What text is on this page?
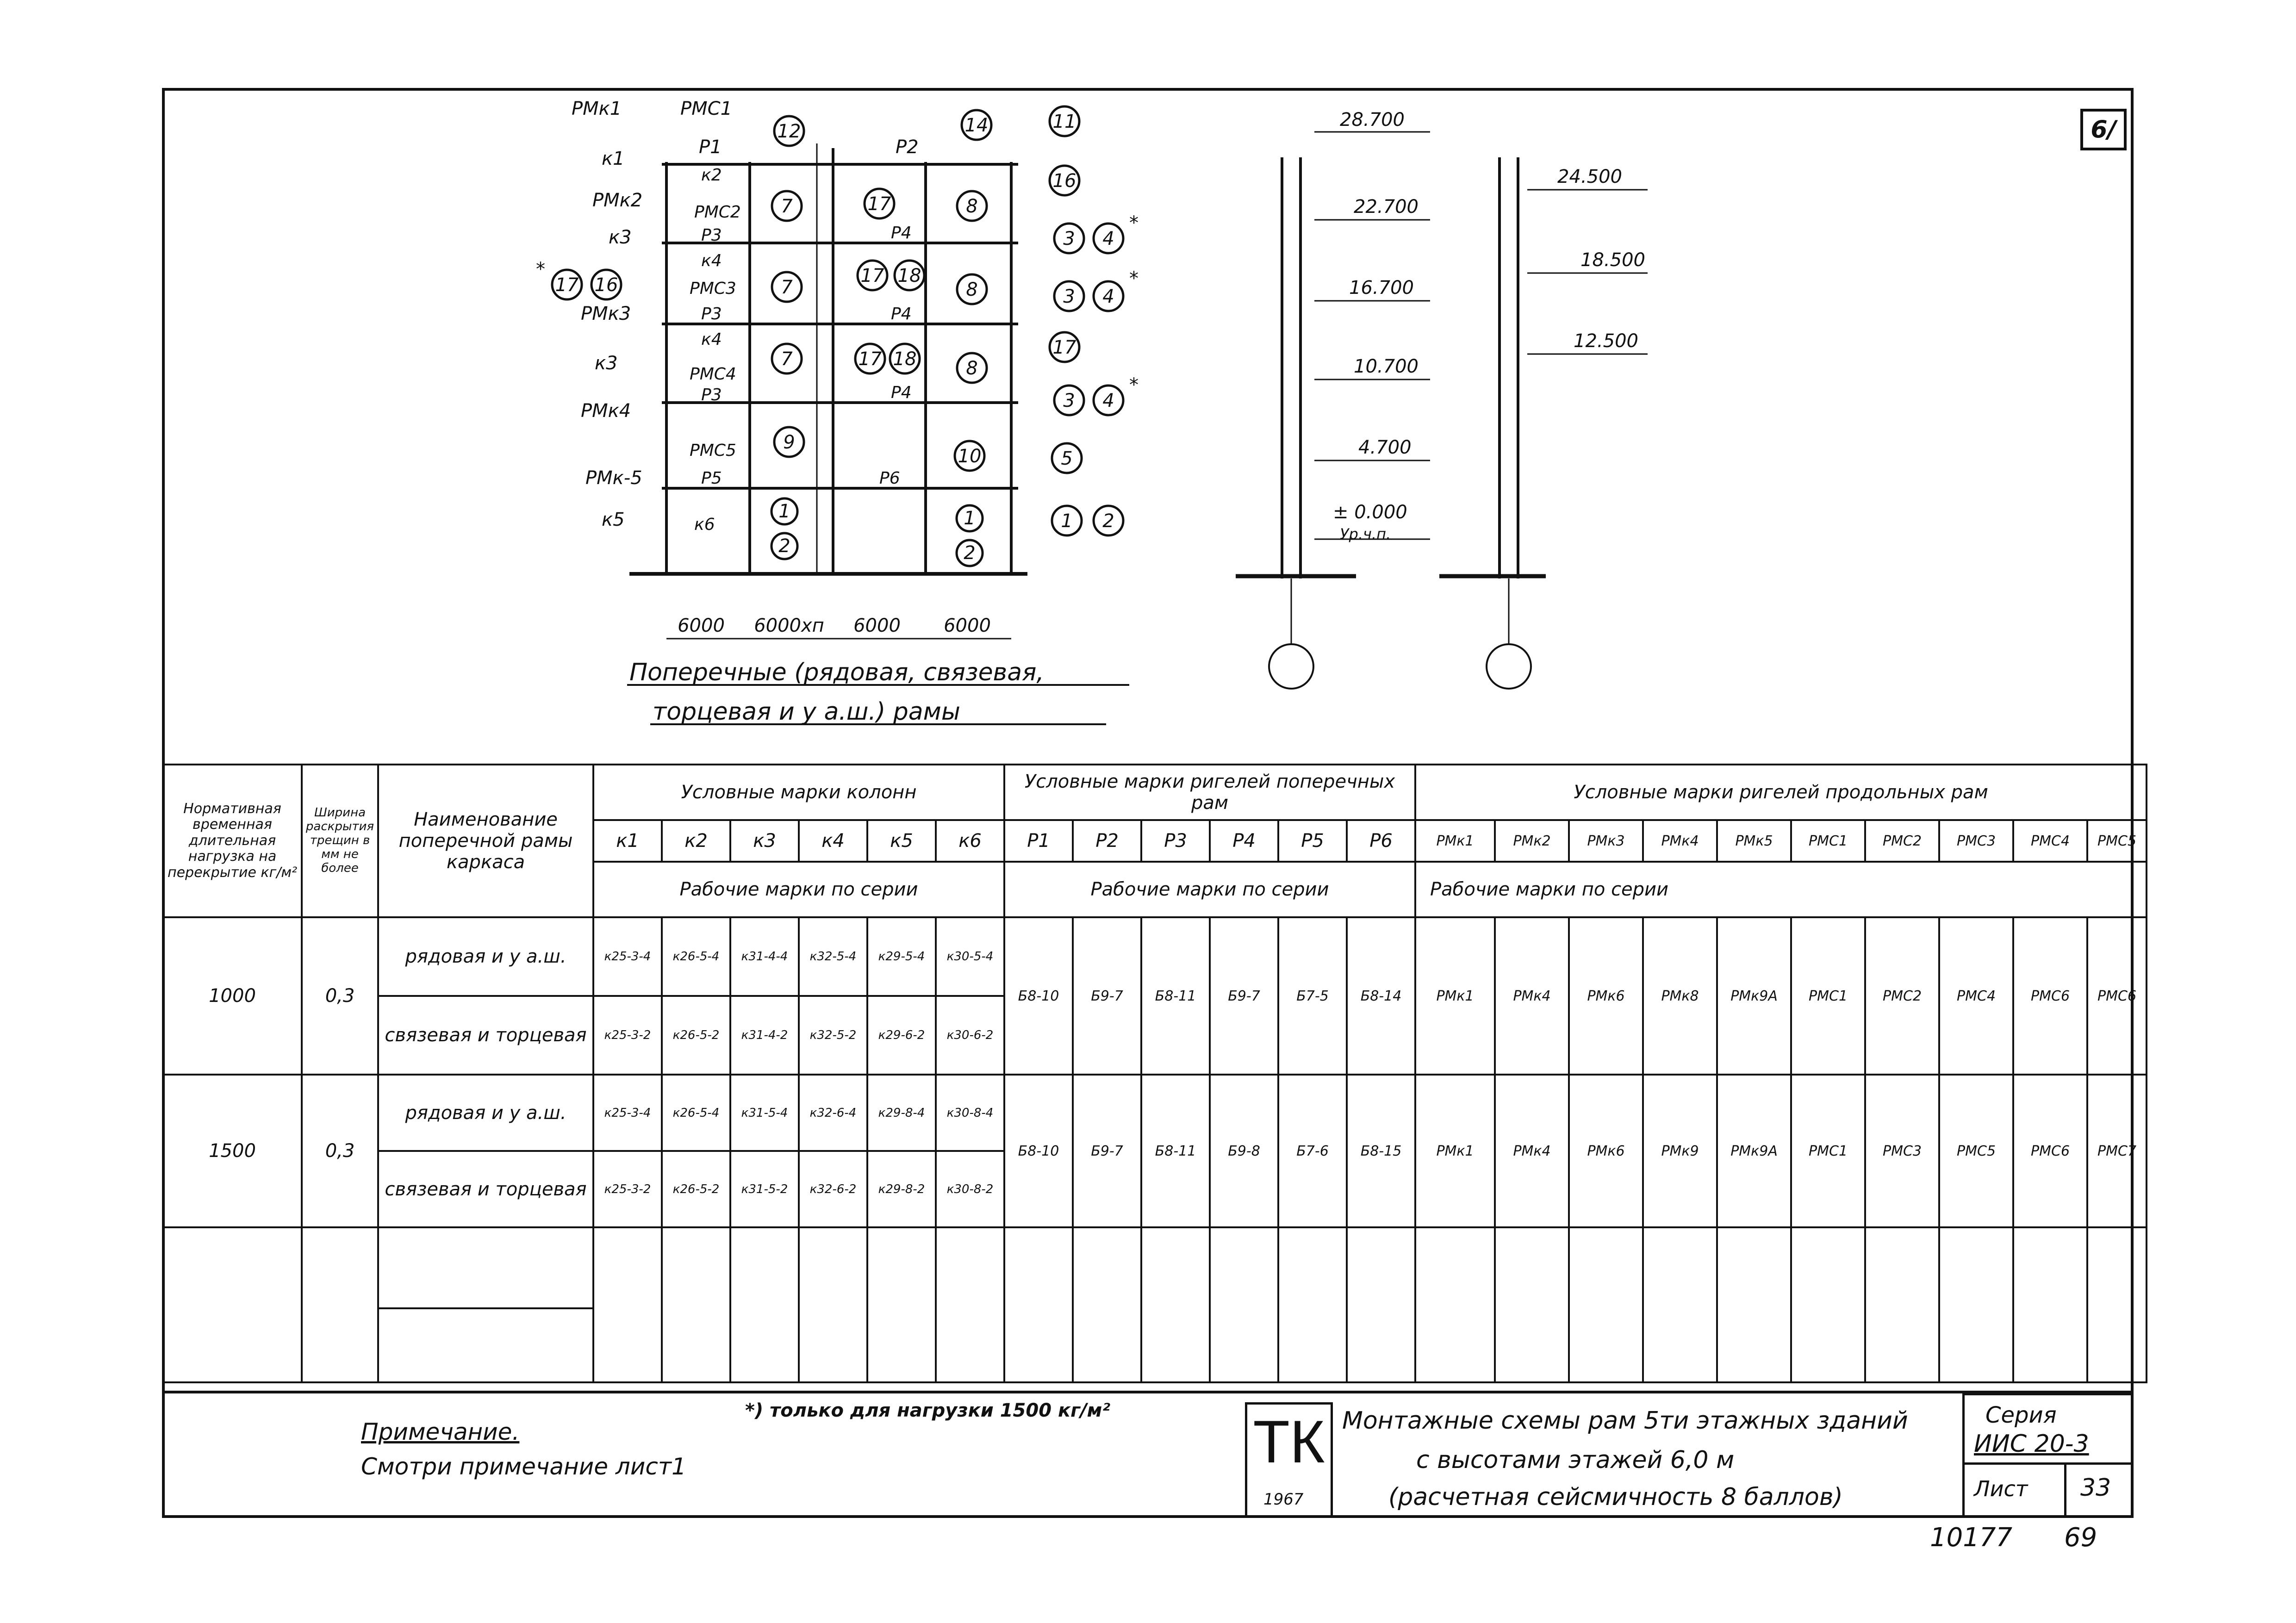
6/
РМк1
к1
РМк2
к3
РМк3
к3
РМк4
РМк-5
к5
РМС1
Р1	Р2
12	14	11
16
7	17	8
3 4
17 16	7
17 18
8	3 4
7	17 18	8
17
3 4
9
10	5
1
2
1
2
1 2
*
*
*
*
к2
РМС2
Р3
к4
РМС3
Р3
к4
РМС4
Р3
РМС5
Р5
к6
Р4
Р4
Р4
Р6
6000 6000хп 6000 6000
Поперечные (рядовая, связевая,
торцевая и у а.ш.) рамы
28.700
22.700
16.700
10.700
4.700
± 0.000
Ур.ч.п.
24.500
18.500
12.500
Нормативная временная длительная нагрузка на перекрытие кг/м²	Ширина раскрытия трещин в мм не более	Наименование поперечной рамы каркаса	Условные марки колонн						Условные марки ригелей поперечных рам						Условные марки ригелей продольных рам									
			к1	к2	к3	к4	к5	к6	Р1	Р2	Р3	Р4	Р5	Р6	РМк1	РМк2	РМк3	РМк4	РМк5	РМС1	РМС2	РМС3	РМС4	РМС5
			Рабочие марки по серии						Рабочие марки по серии						Рабочие марки по серии									
1000	0,3	рядовая и у а.ш.	к25-3-4	к26-5-4	к31-4-4	к32-5-4	к29-5-4	к30-5-4	Б8-10	Б9-7	Б8-11	Б9-7	Б7-5	Б8-14	РМк1	РМк4	РМк6	РМк8	РМк9А	РМС1	РМС2	РМС4	РМС6	РМС6
		связевая и торцевая	к25-3-2	к26-5-2	к31-4-2	к32-5-2	к29-6-2	к30-6-2																
1500	0,3	рядовая и у а.ш.	к25-3-4	к26-5-4	к31-5-4	к32-6-4	к29-8-4	к30-8-4	Б8-10	Б9-7	Б8-11	Б9-8	Б7-6	Б8-15	РМк1	РМк4	РМк6	РМк9	РМк9А	РМС1	РМС3	РМС5	РМС6	РМС7
		связевая и торцевая	к25-3-2	к26-5-2	к31-5-2	к32-6-2	к29-8-2	к30-8-2																

Примечание.
Смотри примечание лист1
*) только для нагрузки 1500 кг/м² ТК
1967
Монтажные схемы рам 5ти этажных зданий
с высотами этажей 6,0 м
(расчетная сейсмичность 8 баллов)
Серия
ИИС 20-3
Лист 33
10177 69
